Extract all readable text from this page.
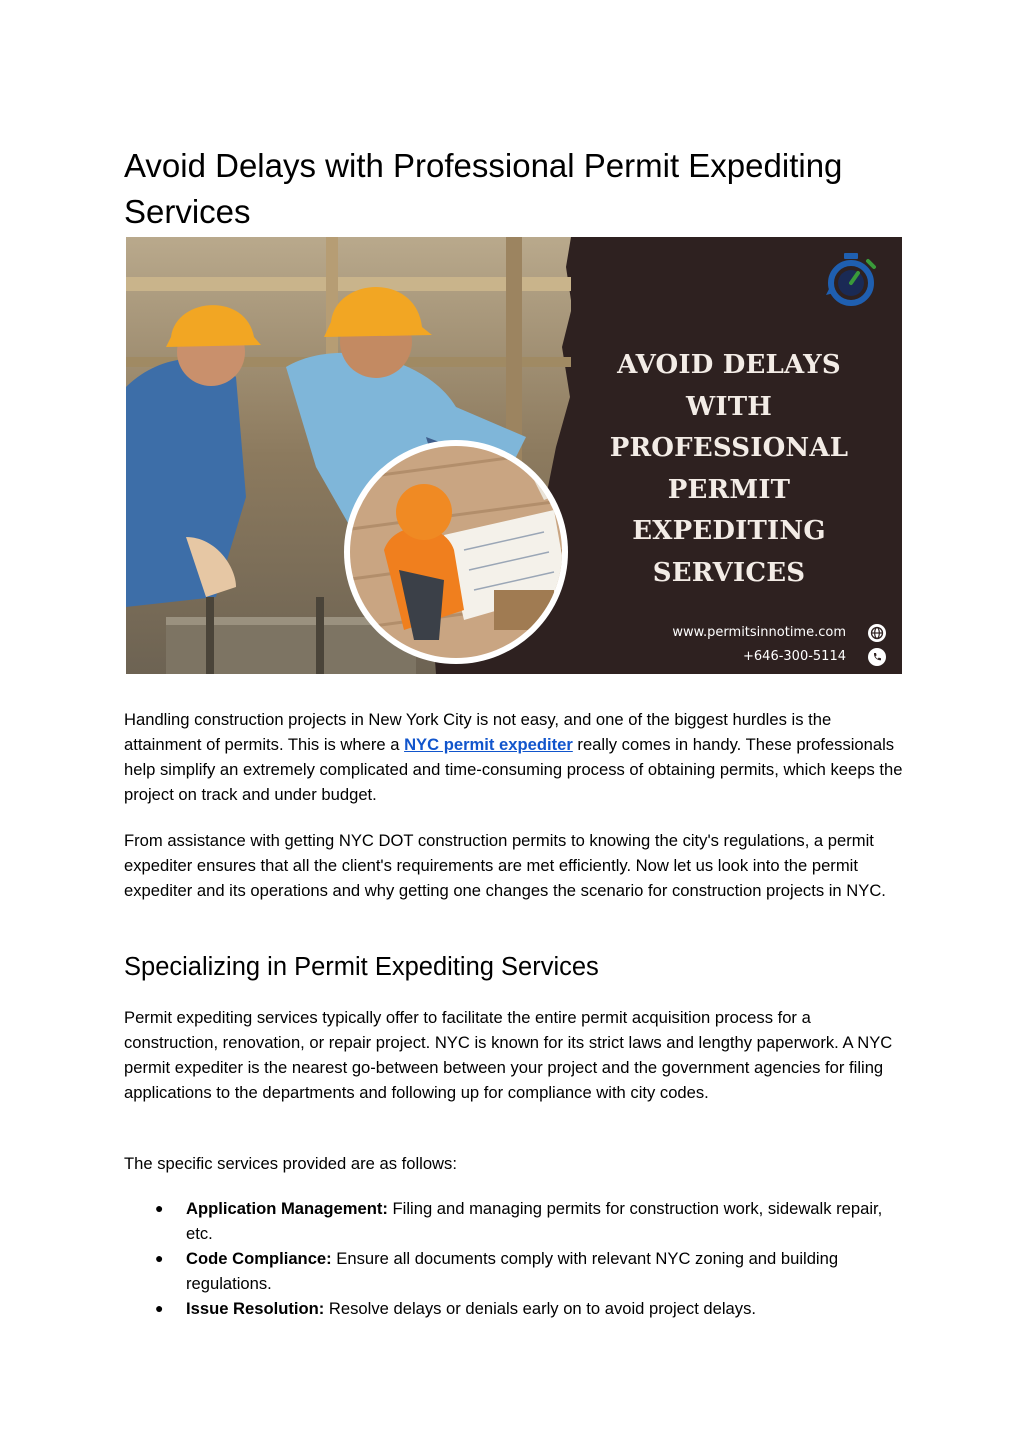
Avoid Delays with Professional Permit Expediting Services
AVOID DELAYS
WITH
PROFESSIONAL
PERMIT
EXPEDITING
SERVICES
www.permitsinnotime.com
+646-300-5114

Handling construction projects in New York City is not easy, and one of the biggest hurdles is the attainment of permits. This is where a NYC permit expediter really comes in handy. These professionals help simplify an extremely complicated and time-consuming process of obtaining permits, which keeps the project on track and under budget.

From assistance with getting NYC DOT construction permits to knowing the city's regulations, a permit expediter ensures that all the client's requirements are met efficiently. Now let us look into the permit expediter and its operations and why getting one changes the scenario for construction projects in NYC.

Specializing in Permit Expediting Services

Permit expediting services typically offer to facilitate the entire permit acquisition process for a construction, renovation, or repair project. NYC is known for its strict laws and lengthy paperwork. A NYC permit expediter is the nearest go-between between your project and the government agencies for filing applications to the departments and following up for compliance with city codes.

The specific services provided are as follows:

● Application Management: Filing and managing permits for construction work, sidewalk repair, etc.
● Code Compliance: Ensure all documents comply with relevant NYC zoning and building regulations.
● Issue Resolution: Resolve delays or denials early on to avoid project delays.
